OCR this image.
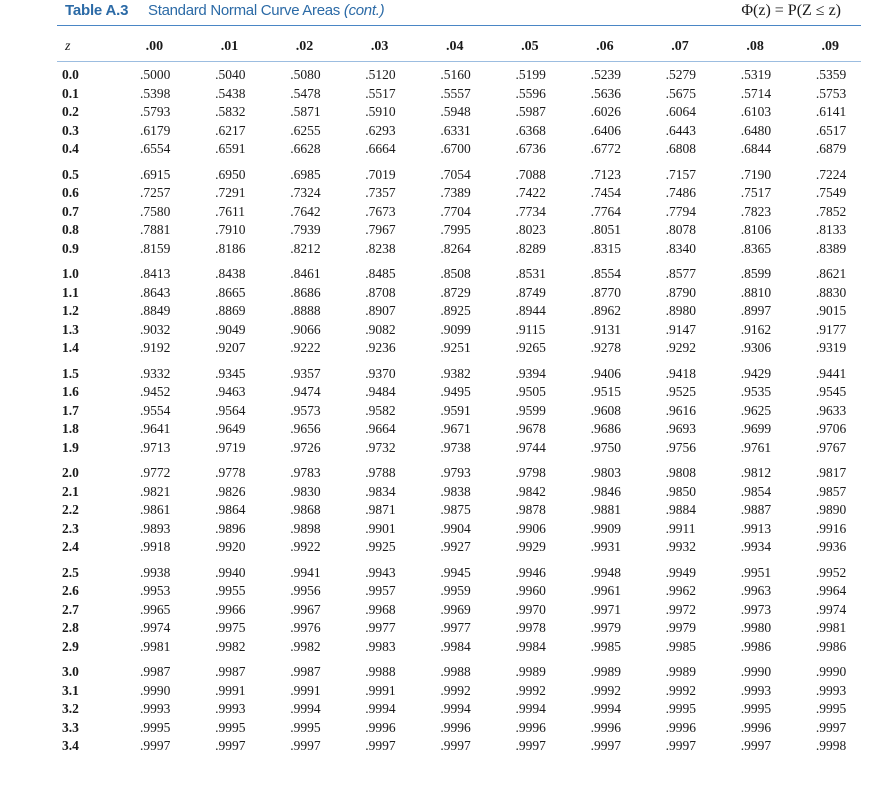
Table A.3 Standard Normal Curve Areas (cont.)	Φ(z) = P(Z ≤ z)
z	.00	.01	.02	.03	.04	.05	.06	.07	.08	.09
0.0	.5000	.5040	.5080	.5120	.5160	.5199	.5239	.5279	.5319	.5359
0.1	.5398	.5438	.5478	.5517	.5557	.5596	.5636	.5675	.5714	.5753
0.2	.5793	.5832	.5871	.5910	.5948	.5987	.6026	.6064	.6103	.6141
0.3	.6179	.6217	.6255	.6293	.6331	.6368	.6406	.6443	.6480	.6517
0.4	.6554	.6591	.6628	.6664	.6700	.6736	.6772	.6808	.6844	.6879

0.5	.6915	.6950	.6985	.7019	.7054	.7088	.7123	.7157	.7190	.7224
0.6	.7257	.7291	.7324	.7357	.7389	.7422	.7454	.7486	.7517	.7549
0.7	.7580	.7611	.7642	.7673	.7704	.7734	.7764	.7794	.7823	.7852
0.8	.7881	.7910	.7939	.7967	.7995	.8023	.8051	.8078	.8106	.8133
0.9	.8159	.8186	.8212	.8238	.8264	.8289	.8315	.8340	.8365	.8389

1.0	.8413	.8438	.8461	.8485	.8508	.8531	.8554	.8577	.8599	.8621
1.1	.8643	.8665	.8686	.8708	.8729	.8749	.8770	.8790	.8810	.8830
1.2	.8849	.8869	.8888	.8907	.8925	.8944	.8962	.8980	.8997	.9015
1.3	.9032	.9049	.9066	.9082	.9099	.9115	.9131	.9147	.9162	.9177
1.4	.9192	.9207	.9222	.9236	.9251	.9265	.9278	.9292	.9306	.9319

1.5	.9332	.9345	.9357	.9370	.9382	.9394	.9406	.9418	.9429	.9441
1.6	.9452	.9463	.9474	.9484	.9495	.9505	.9515	.9525	.9535	.9545
1.7	.9554	.9564	.9573	.9582	.9591	.9599	.9608	.9616	.9625	.9633
1.8	.9641	.9649	.9656	.9664	.9671	.9678	.9686	.9693	.9699	.9706
1.9	.9713	.9719	.9726	.9732	.9738	.9744	.9750	.9756	.9761	.9767

2.0	.9772	.9778	.9783	.9788	.9793	.9798	.9803	.9808	.9812	.9817
2.1	.9821	.9826	.9830	.9834	.9838	.9842	.9846	.9850	.9854	.9857
2.2	.9861	.9864	.9868	.9871	.9875	.9878	.9881	.9884	.9887	.9890
2.3	.9893	.9896	.9898	.9901	.9904	.9906	.9909	.9911	.9913	.9916
2.4	.9918	.9920	.9922	.9925	.9927	.9929	.9931	.9932	.9934	.9936

2.5	.9938	.9940	.9941	.9943	.9945	.9946	.9948	.9949	.9951	.9952
2.6	.9953	.9955	.9956	.9957	.9959	.9960	.9961	.9962	.9963	.9964
2.7	.9965	.9966	.9967	.9968	.9969	.9970	.9971	.9972	.9973	.9974
2.8	.9974	.9975	.9976	.9977	.9977	.9978	.9979	.9979	.9980	.9981
2.9	.9981	.9982	.9982	.9983	.9984	.9984	.9985	.9985	.9986	.9986

3.0	.9987	.9987	.9987	.9988	.9988	.9989	.9989	.9989	.9990	.9990
3.1	.9990	.9991	.9991	.9991	.9992	.9992	.9992	.9992	.9993	.9993
3.2	.9993	.9993	.9994	.9994	.9994	.9994	.9994	.9995	.9995	.9995
3.3	.9995	.9995	.9995	.9996	.9996	.9996	.9996	.9996	.9996	.9997
3.4	.9997	.9997	.9997	.9997	.9997	.9997	.9997	.9997	.9997	.9998
